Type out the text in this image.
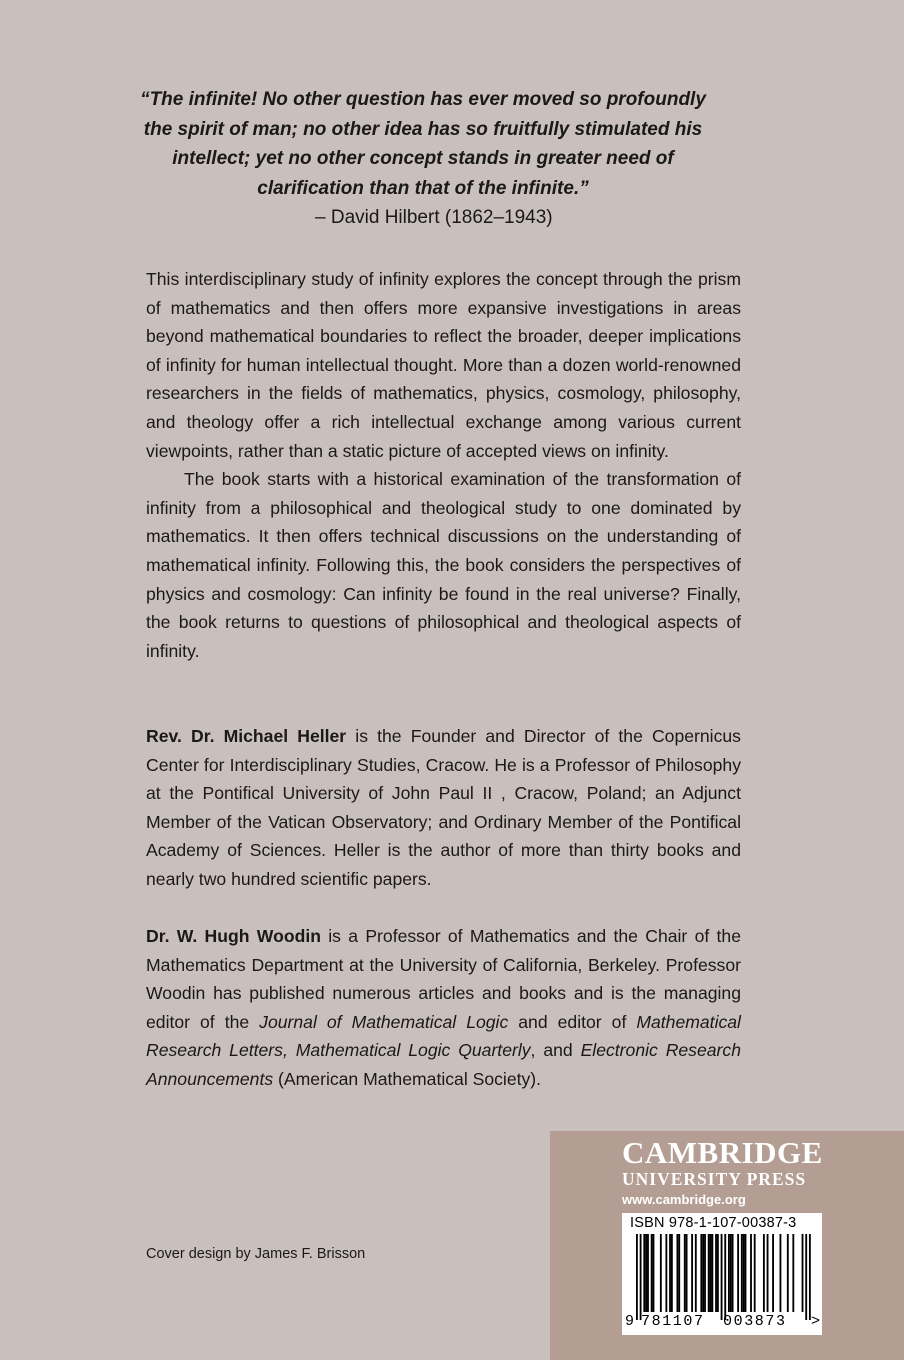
“The infinite! No other question has ever moved so profoundly the spirit of man; no other idea has so fruitfully stimulated his intellect; yet no other concept stands in greater need of clarification than that of the infinite.”
– David Hilbert (1862–1943)

This interdisciplinary study of infinity explores the concept through the prism of mathematics and then offers more expansive investigations in areas beyond mathematical boundaries to reflect the broader, deeper implications of infinity for human intellectual thought. More than a dozen world-renowned researchers in the fields of mathematics, physics, cosmology, philosophy, and theology offer a rich intellectual exchange among various current viewpoints, rather than a static picture of accepted views on infinity.

The book starts with a historical examination of the transformation of infinity from a philosophical and theological study to one dominated by mathematics. It then offers technical discussions on the understanding of mathematical infinity. Following this, the book considers the perspectives of physics and cosmology: Can infinity be found in the real universe? Finally, the book returns to questions of philosophical and theological aspects of infinity.

Rev. Dr. Michael Heller is the Founder and Director of the Copernicus Center for Interdisciplinary Studies, Cracow. He is a Professor of Philosophy at the Pontifical University of John Paul II , Cracow, Poland; an Adjunct Member of the Vatican Observatory; and Ordinary Member of the Pontifical Academy of Sciences. Heller is the author of more than thirty books and nearly two hundred scientific papers.

Dr. W. Hugh Woodin is a Professor of Mathematics and the Chair of the Mathematics Department at the University of California, Berkeley. Professor Woodin has published numerous articles and books and is the managing editor of the Journal of Mathematical Logic and editor of Mathematical Research Letters, Mathematical Logic Quarterly, and Electronic Research Announcements (American Mathematical Society).

Cover design by James F. Brisson
CAMBRIDGE
UNIVERSITY PRESS
www.cambridge.org
ISBN 978-1-107-00387-3
9 781107 003873 >
